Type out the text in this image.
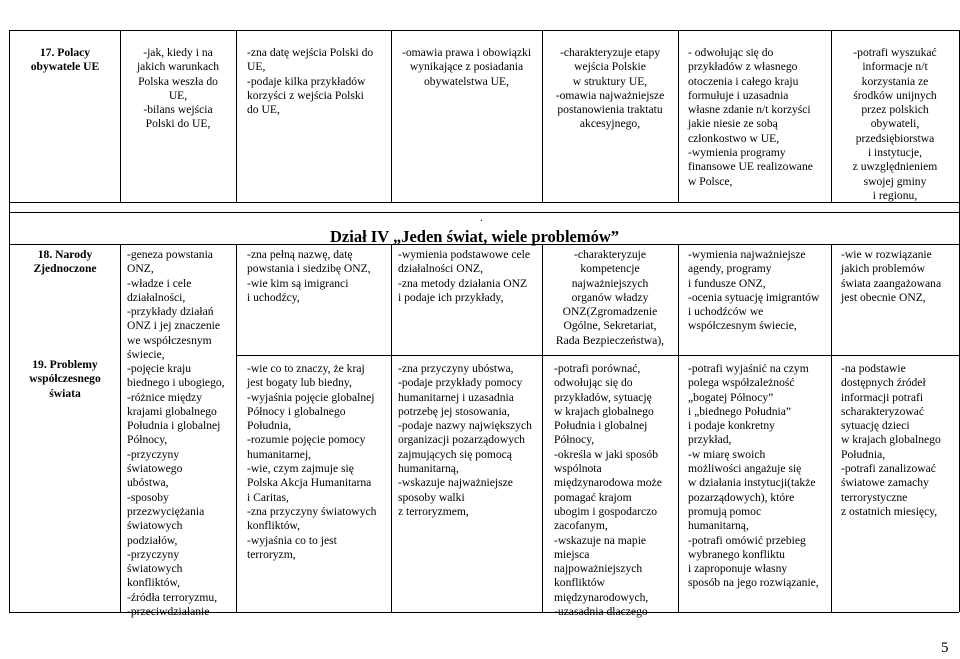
17. Polacy
obywatele UE
-jak, kiedy i na
jakich warunkach
Polska weszła do
UE,
-bilans wejścia
Polski do UE,
-zna datę wejścia Polski do
UE,
-podaje kilka przykładów
korzyści z wejścia Polski
do UE,
-omawia prawa i obowiązki
wynikające z posiadania
obywatelstwa UE,
-charakteryzuje etapy
wejścia Polskie
w struktury UE,
-omawia najważniejsze
postanowienia traktatu
akcesyjnego,
- odwołując się do
przykładów z własnego
otoczenia i całego kraju
formułuje i uzasadnia
własne zdanie n/t korzyści
jakie niesie ze sobą
członkostwo w UE,
-wymienia programy
finansowe UE realizowane
w Polsce,
-potrafi wyszukać
informacje n/t
korzystania ze
środków unijnych
przez polskich
obywateli,
przedsiębiorstwa
i instytucje,
z uwzględnieniem
swojej gminy
i regionu,
.
Dział IV „Jeden świat, wiele problemów”
18. Narody
Zjednoczone
-geneza powstania
ONZ,
-władze i cele
działalności,
-przykłady działań
ONZ i jej znaczenie
we współczesnym
świecie,
-zna pełną nazwę, datę
powstania i siedzibę ONZ,
-wie kim są imigranci
i uchodźcy,
-wymienia podstawowe cele
działalności ONZ,
-zna metody działania ONZ
i podaje ich przykłady,
-charakteryzuje
kompetencje
najważniejszych
organów władzy
ONZ(Zgromadzenie
Ogólne, Sekretariat,
Rada Bezpieczeństwa),
-wymienia najważniejsze
agendy, programy
i fundusze ONZ,
-ocenia sytuację imigrantów
i uchodźców we
współczesnym świecie,
-wie w rozwiązanie
jakich problemów
świata zaangażowana
jest obecnie ONZ,
19. Problemy
współczesnego
świata
-pojęcie kraju
biednego i ubogiego,
-różnice między
krajami globalnego
Południa i globalnej
Północy,
-przyczyny
światowego
ubóstwa,
-sposoby
przezwyciężania
światowych
podziałów,
-przyczyny
światowych
konfliktów,
-źródła terroryzmu,
-przeciwdziałanie
-wie co to znaczy, że kraj
jest bogaty lub biedny,
-wyjaśnia pojęcie globalnej
Północy i globalnego
Południa,
-rozumie pojęcie pomocy
humanitarnej,
-wie, czym zajmuje się
Polska Akcja Humanitarna
i Caritas,
-zna przyczyny światowych
konfliktów,
-wyjaśnia co to jest
terroryzm,
-zna przyczyny ubóstwa,
-podaje przykłady pomocy
humanitarnej i uzasadnia
potrzebę jej stosowania,
-podaje nazwy największych
organizacji pozarządowych
zajmujących się pomocą
humanitarną,
-wskazuje najważniejsze
sposoby walki
z terroryzmem,
-potrafi porównać,
odwołując się do
przykładów, sytuację
w krajach globalnego
Południa i globalnej
Północy,
-określa w jaki sposób
wspólnota
międzynarodowa może
pomagać krajom
ubogim i gospodarczo
zacofanym,
-wskazuje na mapie
miejsca
najpoważniejszych
konfliktów
międzynarodowych,
-uzasadnia dlaczego
-potrafi wyjaśnić na czym
polega współzależność
„bogatej Północy”
i „biednego Południa”
i podaje konkretny
przykład,
-w miarę swoich
możliwości angażuje się
w działania instytucji(także
pozarządowych), które
promują pomoc
humanitarną,
-potrafi omówić przebieg
wybranego konfliktu
i zaproponuje własny
sposób na jego rozwiązanie,
-na podstawie
dostępnych źródeł
informacji potrafi
scharakteryzować
sytuację dzieci
w krajach globalnego
Południa,
-potrafi zanalizować
światowe zamachy
terrorystyczne
z ostatnich miesięcy,
5
